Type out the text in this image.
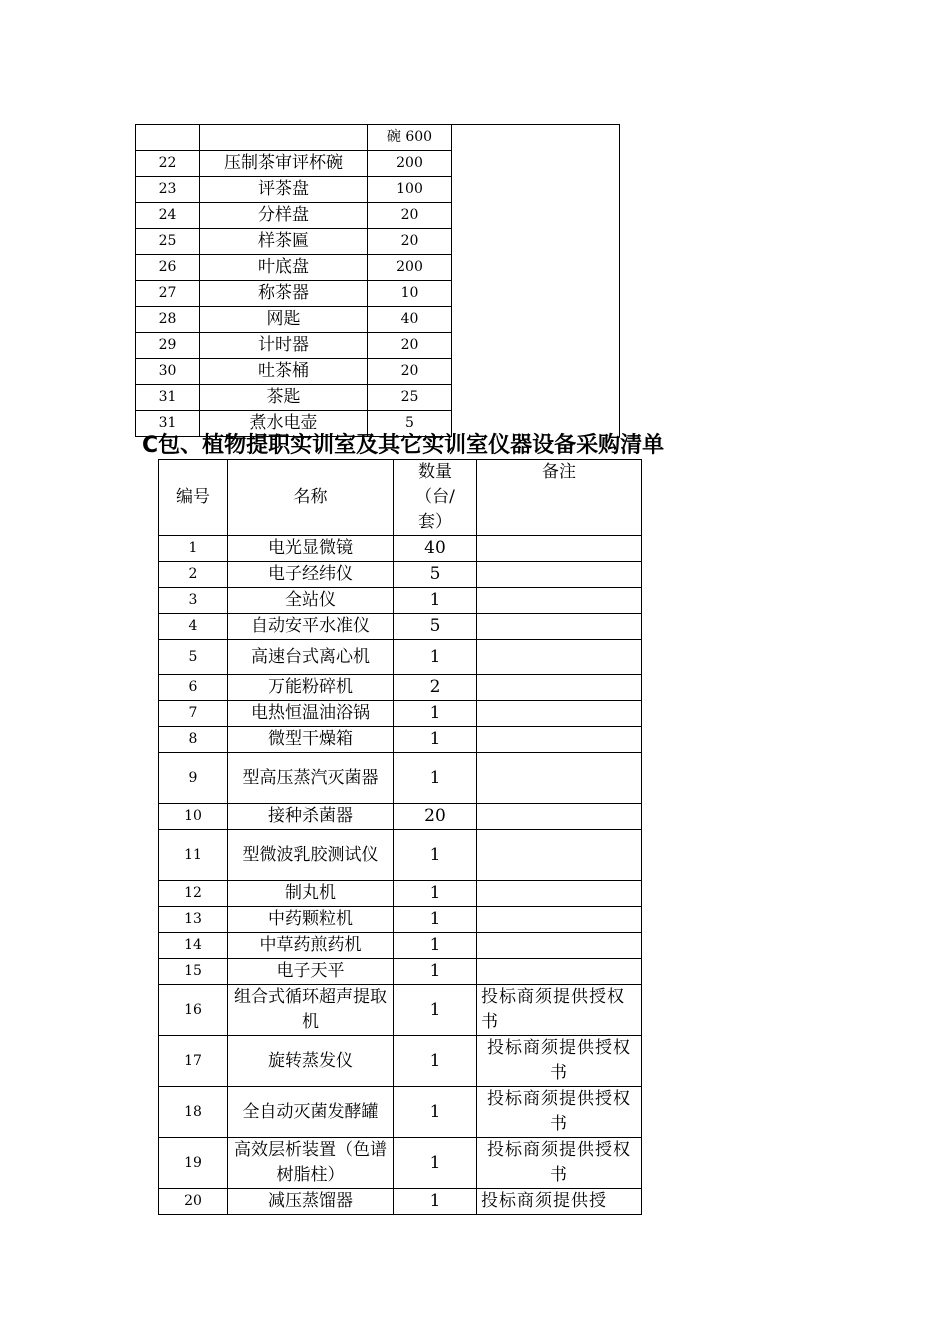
		碗 600	
22	压制茶审评杯碗	200	
23	评茶盘	100	
24	分样盘	20	
25	样茶匾	20	
26	叶底盘	200	
27	称茶器	10	
28	网匙	40	
29	计时器	20	
30	吐茶桶	20	
31	茶匙	25	
31	煮水电壶	5	
C包、植物提职实训室及其它实训室仪器设备采购清单
编号	名称	数量（台/套）	备注
1	电光显微镜	40	
2	电子经纬仪	5	
3	全站仪	1	
4	自动安平水准仪	5	
5	高速台式离心机	1	
6	万能粉碎机	2	
7	电热恒温油浴锅	1	
8	微型干燥箱	1	
9	型高压蒸汽灭菌器	1	
10	接种杀菌器	20	
11	型微波乳胶测试仪	1	
12	制丸机	1	
13	中药颗粒机	1	
14	中草药煎药机	1	
15	电子天平	1	
16	组合式循环超声提取机	1	投标商须提供授权书
17	旋转蒸发仪	1	投标商须提供授权书
18	全自动灭菌发酵罐	1	投标商须提供授权书
19	高效层析装置（色谱树脂柱）	1	投标商须提供授权书
20	减压蒸馏器	1	投标商须提供授
